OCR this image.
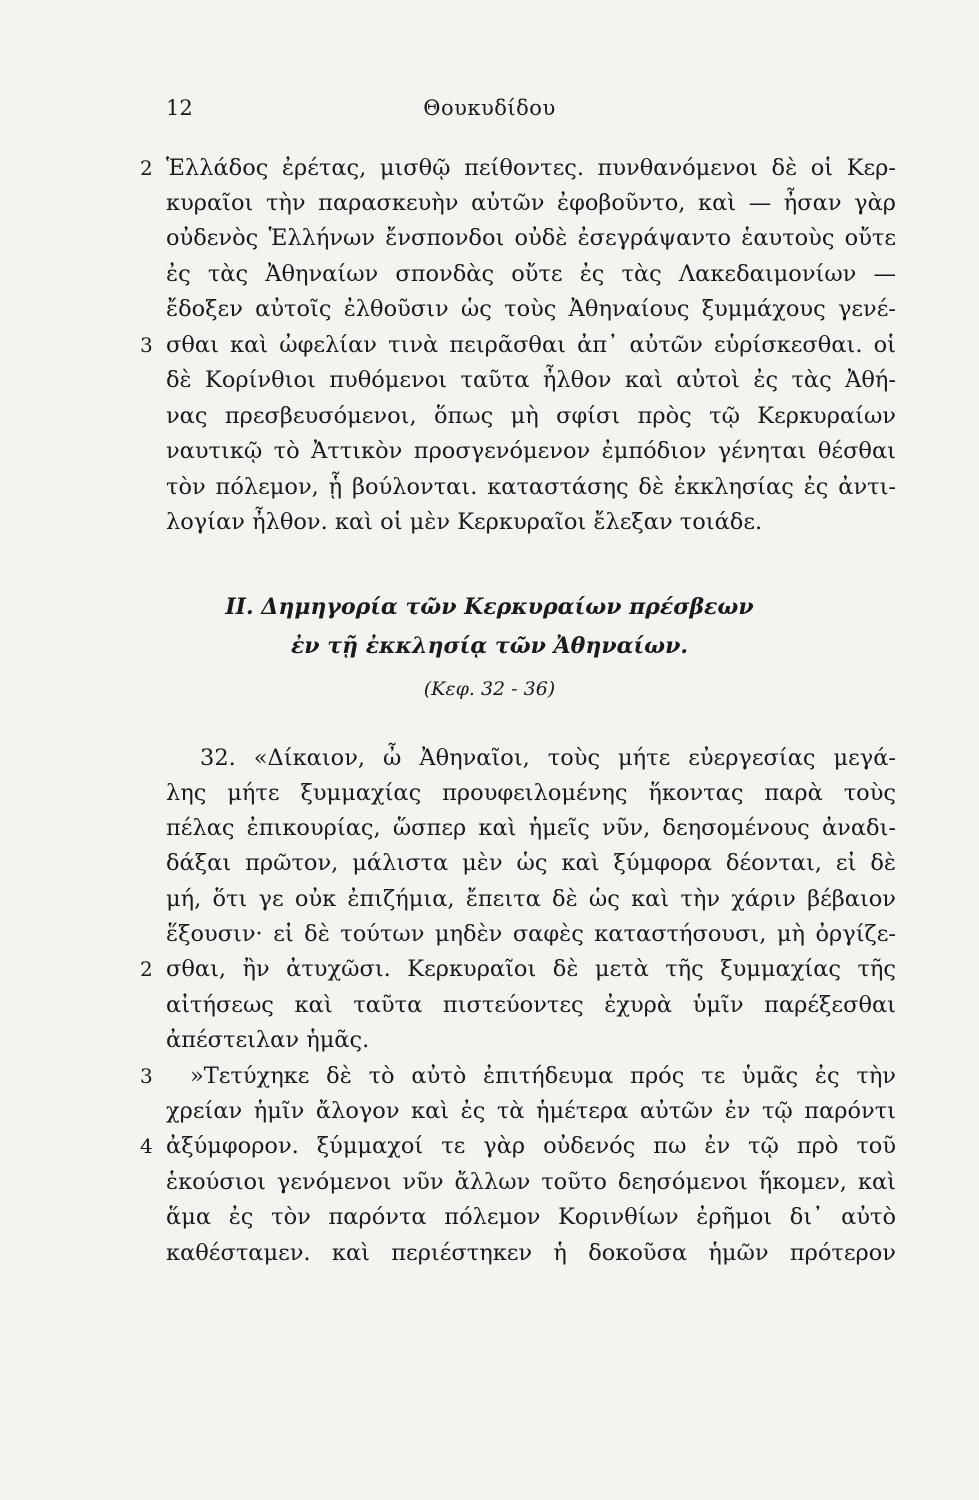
12	Θουκυδίδου
Ἑλλάδος ἐρέτας, μισθῷ πείθοντες. πυνθανόμενοι δὲ οἱ Κερ-
κυραῖοι τὴν παρασκευὴν αὐτῶν ἐφοβοῦντο, καὶ — ἦσαν γὰρ
οὐδενὸς Ἑλλήνων ἔνσπονδοι οὐδὲ ἐσεγράψαντο ἑαυτοὺς οὔτε
ἐς τὰς Ἀθηναίων σπονδὰς οὔτε ἐς τὰς Λακεδαιμονίων —
ἔδοξεν αὐτοῖς ἐλθοῦσιν ὡς τοὺς Ἀθηναίους ξυμμάχους γενέ-
σθαι καὶ ὠφελίαν τινὰ πειρᾶσθαι ἀπ᾽ αὐτῶν εὑρίσκεσθαι. οἱ
δὲ Κορίνθιοι πυθόμενοι ταῦτα ἦλθον καὶ αὐτοὶ ἐς τὰς Ἀθή-
νας πρεσβευσόμενοι, ὅπως μὴ σφίσι πρὸς τῷ Κερκυραίων
ναυτικῷ τὸ Ἀττικὸν προσγενόμενον ἐμπόδιον γένηται θέσθαι
τὸν πόλεμον, ᾗ βούλονται. καταστάσης δὲ ἐκκλησίας ἐς ἀντι-
λογίαν ἦλθον. καὶ οἱ μὲν Κερκυραῖοι ἔλεξαν τοιάδε.
II. Δημηγορία τῶν Κερκυραίων πρέσβεων
ἐν τῇ ἐκκλησίᾳ τῶν Ἀθηναίων.
(Κεφ. 32 - 36)
32. «Δίκαιον, ὦ Ἀθηναῖοι, τοὺς μήτε εὐεργεσίας μεγά-
λης μήτε ξυμμαχίας προυφειλομένης ἥκοντας παρὰ τοὺς
πέλας ἐπικουρίας, ὥσπερ καὶ ἡμεῖς νῦν, δεησομένους ἀναδι-
δάξαι πρῶτον, μάλιστα μὲν ὡς καὶ ξύμφορα δέονται, εἰ δὲ
μή, ὅτι γε οὐκ ἐπιζήμια, ἔπειτα δὲ ὡς καὶ τὴν χάριν βέβαιον
ἕξουσιν· εἰ δὲ τούτων μηδὲν σαφὲς καταστήσουσι, μὴ ὀργίζε-
σθαι, ἢν ἀτυχῶσι. Κερκυραῖοι δὲ μετὰ τῆς ξυμμαχίας τῆς
αἰτήσεως καὶ ταῦτα πιστεύοντες ἐχυρὰ ὑμῖν παρέξεσθαι
ἀπέστειλαν ἡμᾶς.
»Τετύχηκε δὲ τὸ αὐτὸ ἐπιτήδευμα πρός τε ὑμᾶς ἐς τὴν
χρείαν ἡμῖν ἄλογον καὶ ἐς τὰ ἡμέτερα αὐτῶν ἐν τῷ παρόντι
ἀξύμφορον. ξύμμαχοί τε γὰρ οὐδενός πω ἐν τῷ πρὸ τοῦ
ἑκούσιοι γενόμενοι νῦν ἄλλων τοῦτο δεησόμενοι ἥκομεν, καὶ
ἅμα ἐς τὸν παρόντα πόλεμον Κορινθίων ἐρῆμοι δι᾽ αὐτὸ
καθέσταμεν. καὶ περιέστηκεν ἡ δοκοῦσα ἡμῶν πρότερον
2
3
2
3
4
